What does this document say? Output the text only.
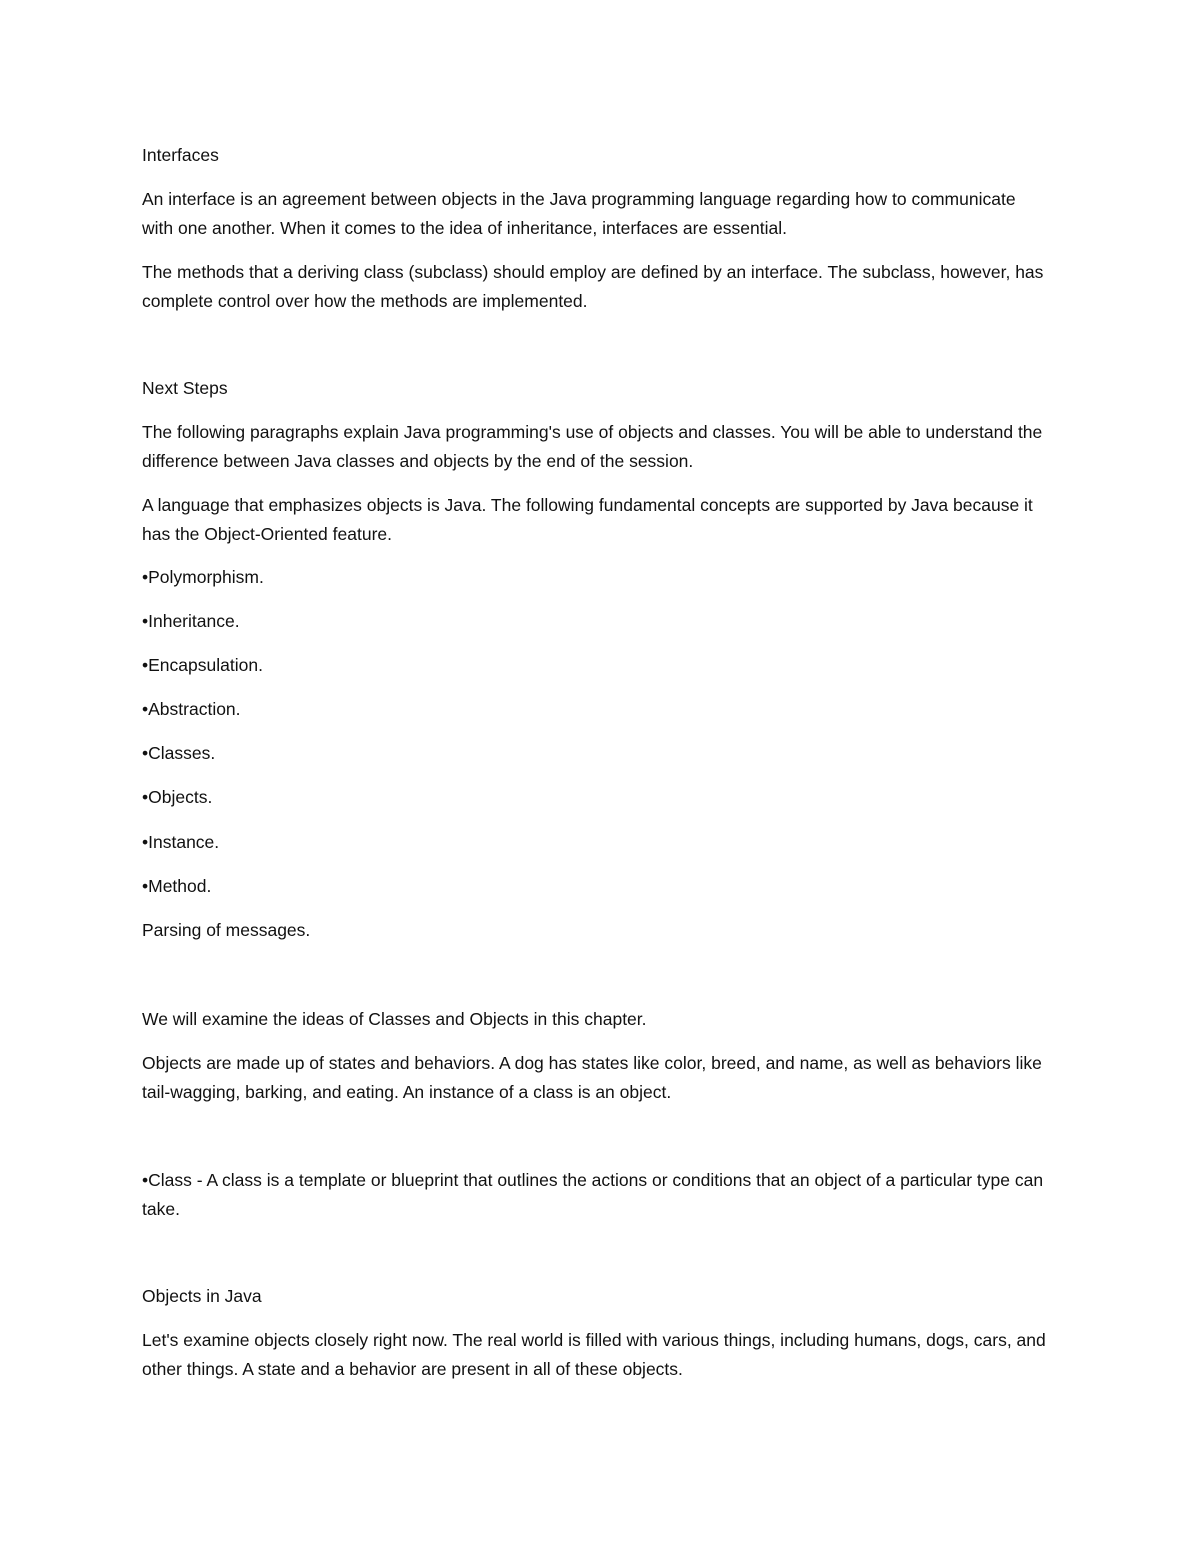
Interfaces

An interface is an agreement between objects in the Java programming language regarding how to communicate with one another. When it comes to the idea of inheritance, interfaces are essential.

The methods that a deriving class (subclass) should employ are defined by an interface. The subclass, however, has complete control over how the methods are implemented.

Next Steps

The following paragraphs explain Java programming's use of objects and classes. You will be able to understand the difference between Java classes and objects by the end of the session.

A language that emphasizes objects is Java. The following fundamental concepts are supported by Java because it has the Object-Oriented feature.

•Polymorphism.

•Inheritance.

•Encapsulation.

•Abstraction.

•Classes.

•Objects.

•Instance.

•Method.

Parsing of messages.

We will examine the ideas of Classes and Objects in this chapter.

Objects are made up of states and behaviors. A dog has states like color, breed, and name, as well as behaviors like tail-wagging, barking, and eating. An instance of a class is an object.

•Class - A class is a template or blueprint that outlines the actions or conditions that an object of a particular type can take.

Objects in Java

Let's examine objects closely right now. The real world is filled with various things, including humans, dogs, cars, and other things. A state and a behavior are present in all of these objects.
